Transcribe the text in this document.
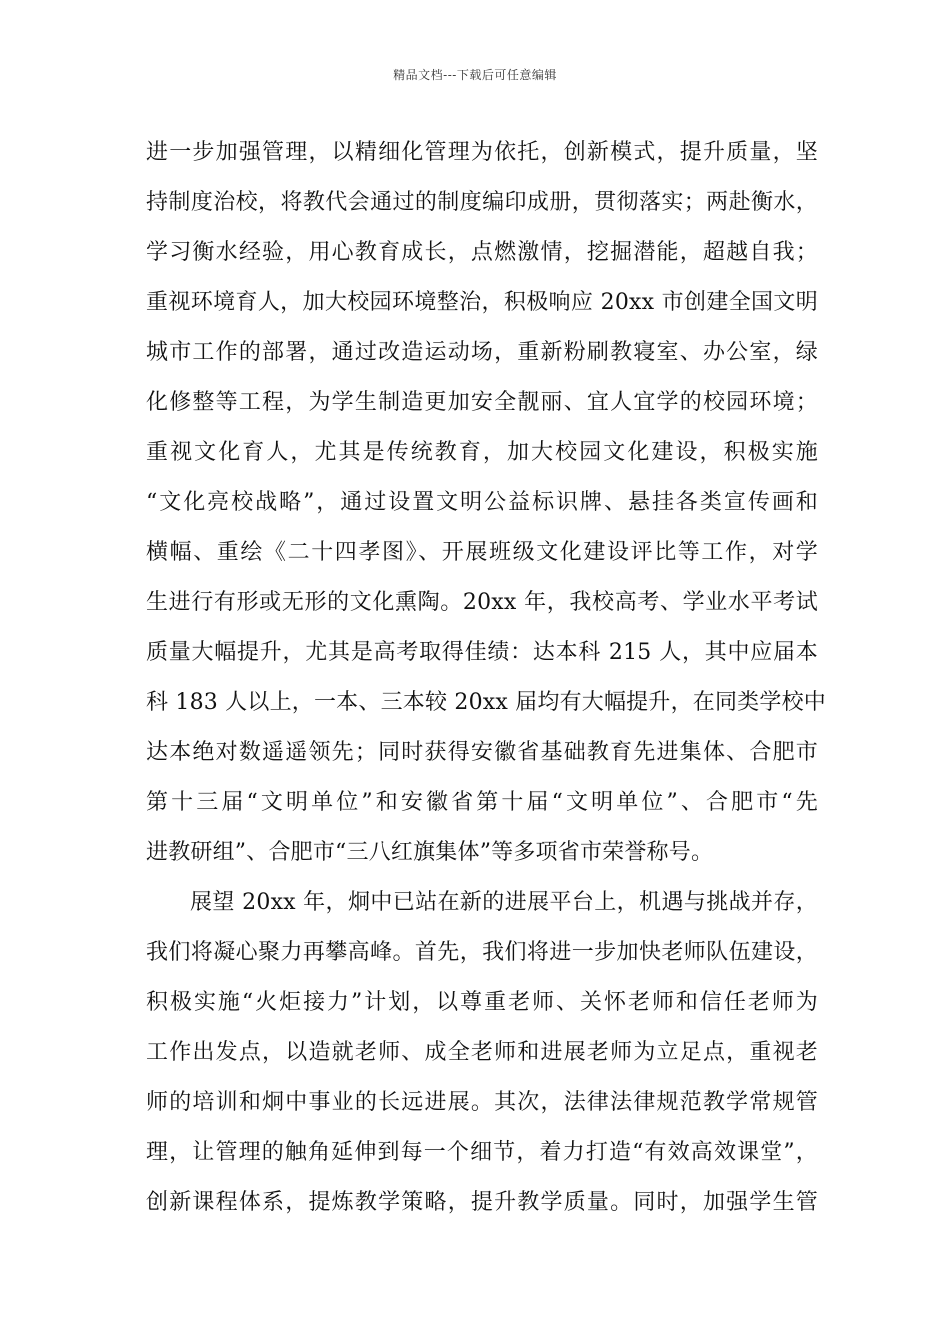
精品文档---下载后可任意编辑
进一步加强管理，以精细化管理为依托，创新模式，提升质量，坚
持制度治校，将教代会通过的制度编印成册，贯彻落实；两赴衡水，
学习衡水经验，用心教育成长，点燃激情，挖掘潜能，超越自我；
重视环境育人，加大校园环境整治，积极响应 20xx 市创建全国文明
城市工作的部署，通过改造运动场，重新粉刷教寝室、办公室，绿
化修整等工程，为学生制造更加安全靓丽、宜人宜学的校园环境；
重视文化育人，尤其是传统教育，加大校园文化建设，积极实施
“文化亮校战略”，通过设置文明公益标识牌、悬挂各类宣传画和
横幅、重绘《二十四孝图》、开展班级文化建设评比等工作，对学
生进行有形或无形的文化熏陶。20xx 年，我校高考、学业水平考试
质量大幅提升，尤其是高考取得佳绩：达本科 215 人，其中应届本
科 183 人以上，一本、三本较 20xx 届均有大幅提升，在同类学校中
达本绝对数遥遥领先；同时获得安徽省基础教育先进集体、合肥市
第十三届“文明单位”和安徽省第十届“文明单位”、合肥市“先
进教研组”、合肥市“三八红旗集体”等多项省市荣誉称号。
展望 20xx 年，炯中已站在新的进展平台上，机遇与挑战并存，
我们将凝心聚力再攀高峰。首先，我们将进一步加快老师队伍建设，
积极实施“火炬接力”计划，以尊重老师、关怀老师和信任老师为
工作出发点，以造就老师、成全老师和进展老师为立足点，重视老
师的培训和炯中事业的长远进展。其次，法律法律规范教学常规管
理，让管理的触角延伸到每一个细节，着力打造“有效高效课堂”，
创新课程体系，提炼教学策略，提升教学质量。同时，加强学生管
